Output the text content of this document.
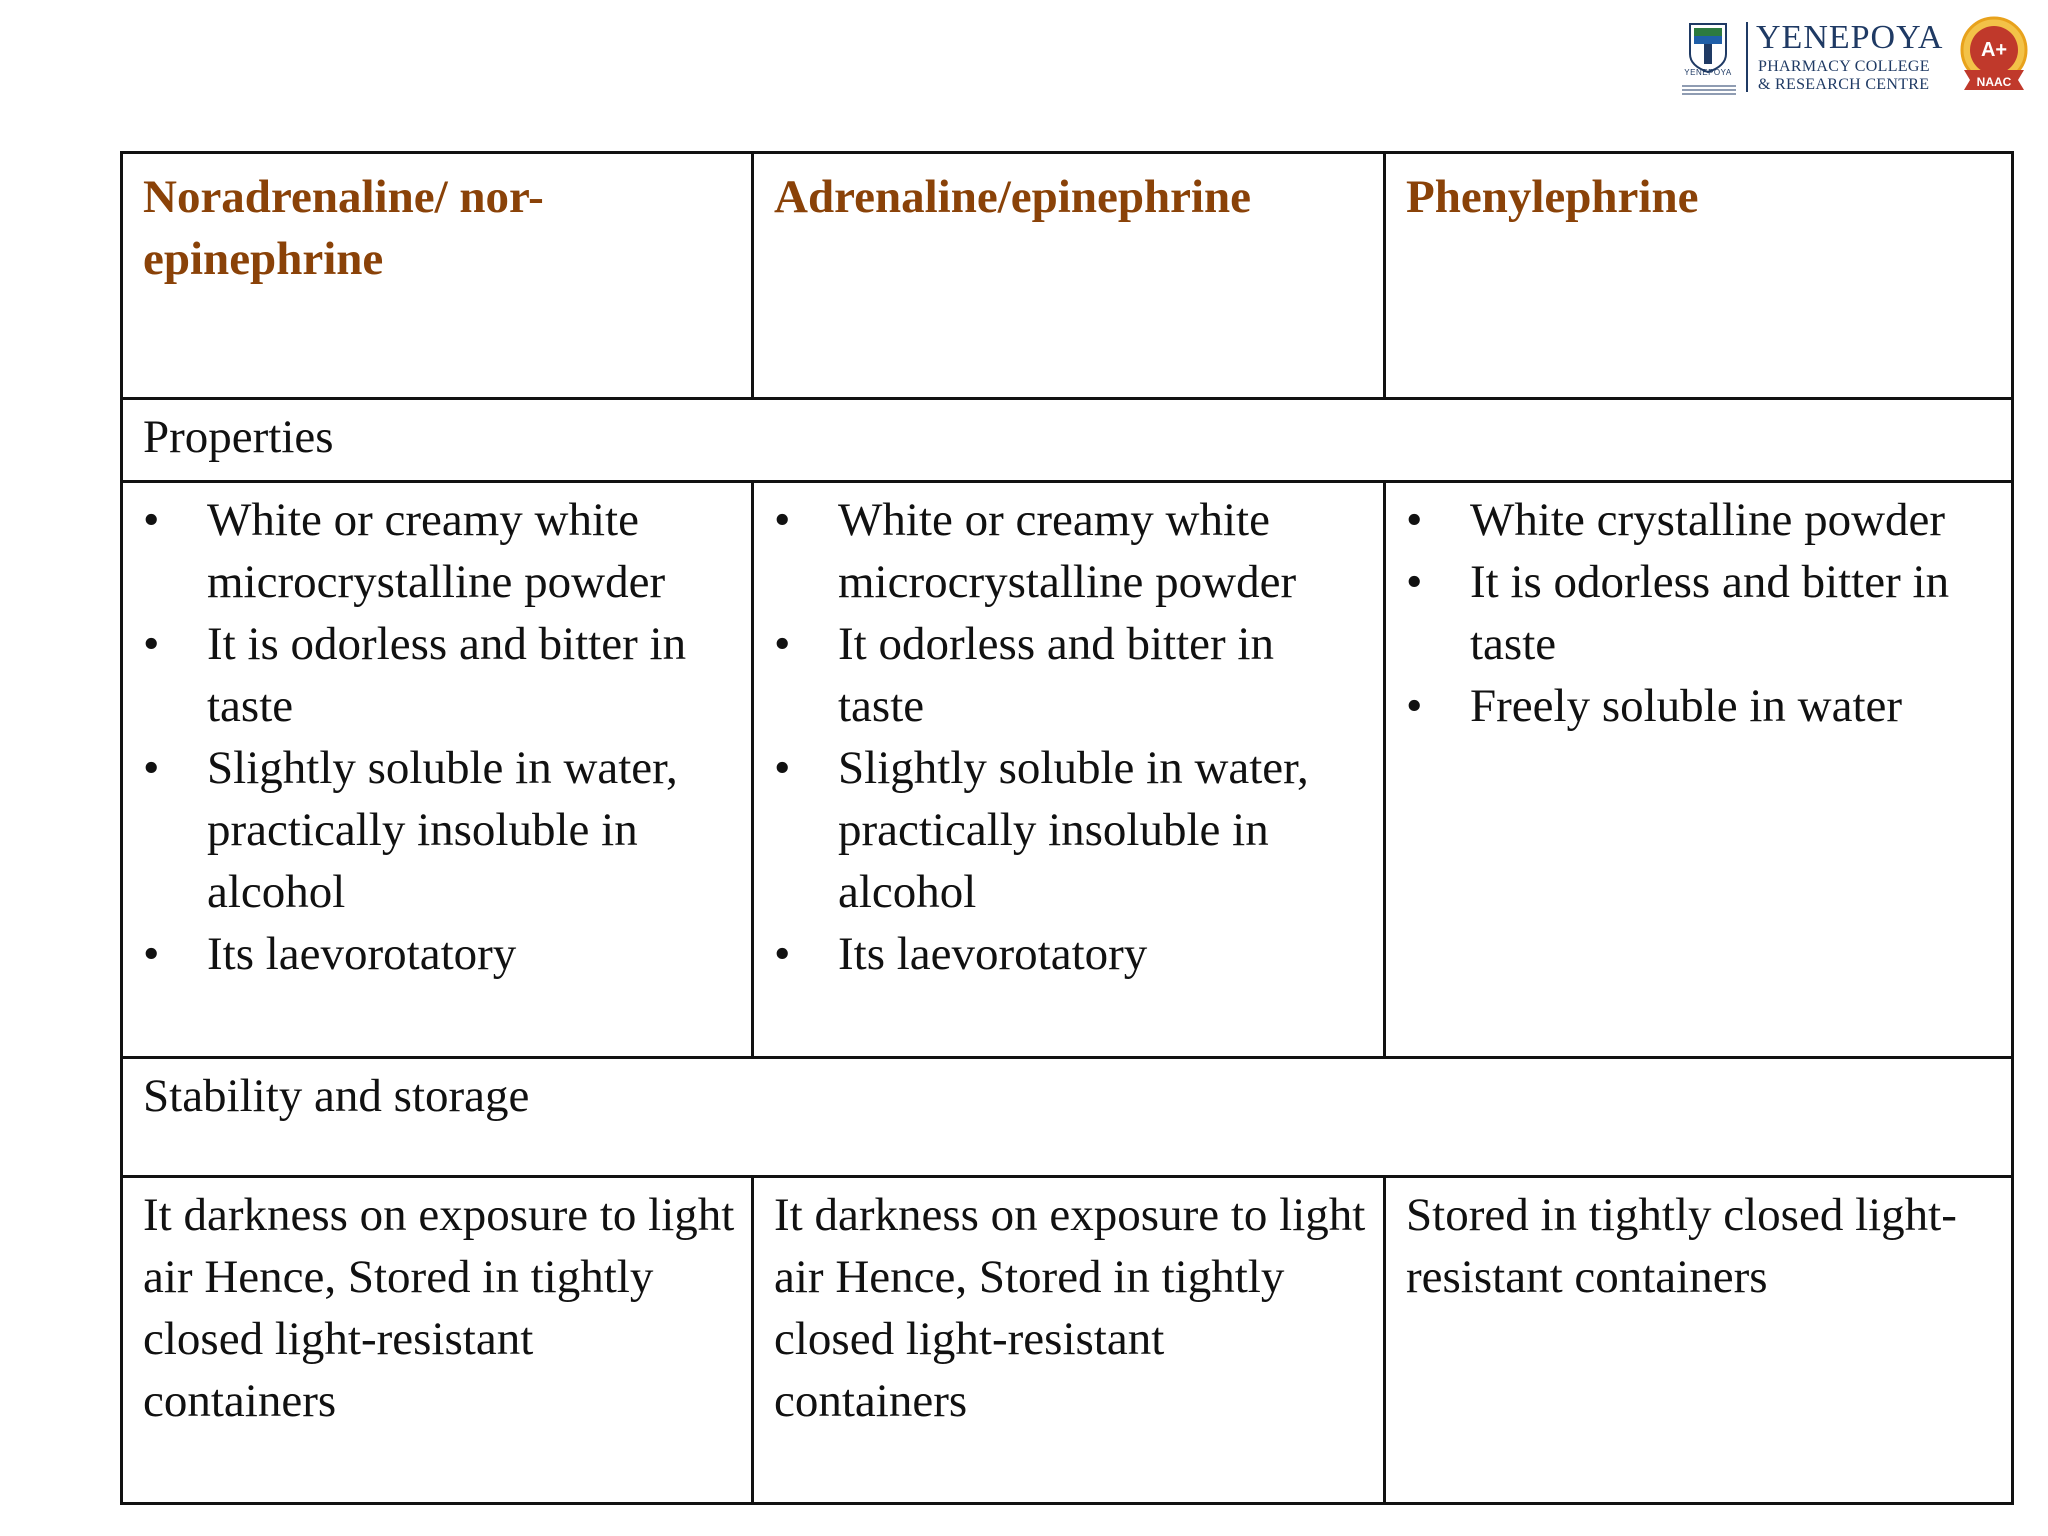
YENEPOYA
YENEPOYA
PHARMACY COLLEGE
& RESEARCH CENTRE
A+
NAAC
Noradrenaline/ nor-epinephrine
Adrenaline/epinephrine	Phenylephrine
Properties
• White or creamy white microcrystalline powder
• It is odorless and bitter in taste
• Slightly soluble in water, practically insoluble in alcohol
• Its laevorotatory
• White or creamy white microcrystalline powder
• It odorless and bitter in taste
• Slightly soluble in water, practically insoluble in alcohol
• Its laevorotatory
• White crystalline powder
• It is odorless and bitter in taste
• Freely soluble in water
Stability and storage
It darkness on exposure to light air Hence, Stored in tightly closed light-resistant containers
It darkness on exposure to light air Hence, Stored in tightly closed light-resistant containers
Stored in tightly closed light-resistant containers
